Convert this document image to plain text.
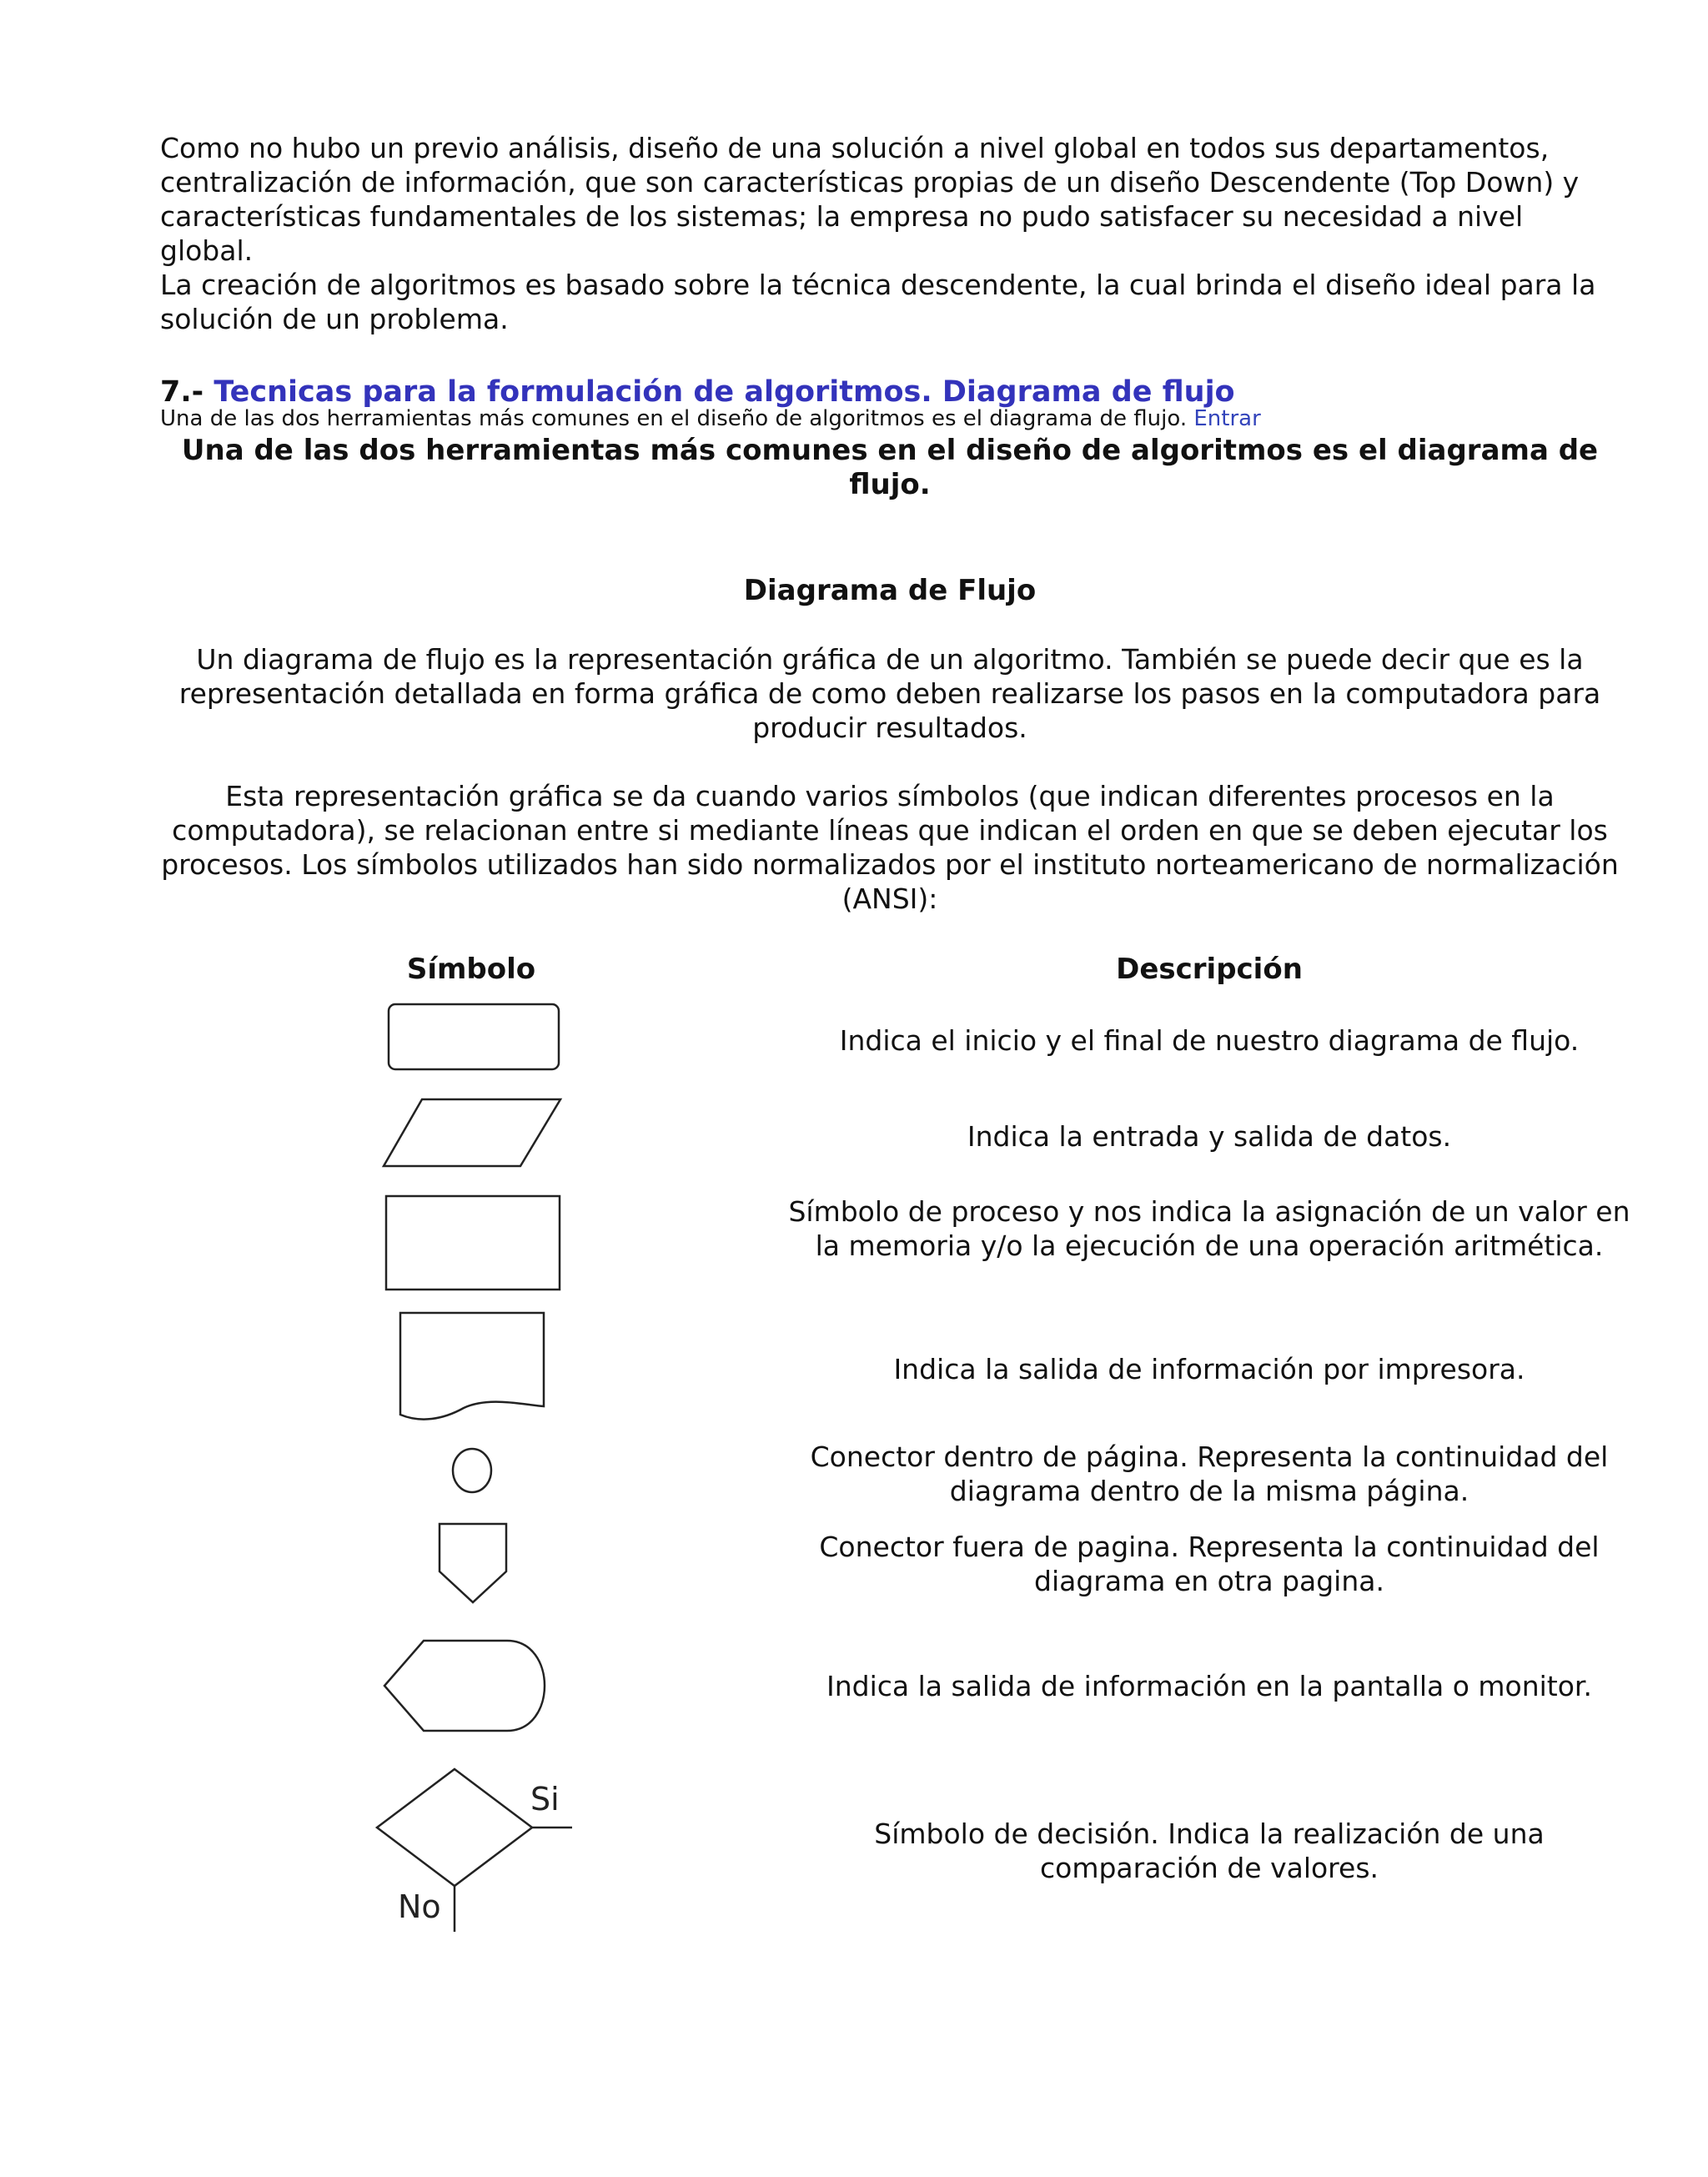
Como no hubo un previo análisis, diseño de una solución a nivel global en todos sus departamentos, centralización de información, que son características propias de un diseño Descendente (Top Down) y características fundamentales de los sistemas; la empresa no pudo satisfacer su necesidad a nivel global.

La creación de algoritmos es basado sobre la técnica descendente, la cual brinda el diseño ideal para la solución de un problema.

7.- Tecnicas para la formulación de algoritmos. Diagrama de flujo
Una de las dos herramientas más comunes en el diseño de algoritmos es el diagrama de flujo. Entrar

Una de las dos herramientas más comunes en el diseño de algoritmos es el diagrama de flujo.

Diagrama de Flujo

Un diagrama de flujo es la representación gráfica de un algoritmo. También se puede decir que es la representación detallada en forma gráfica de como deben realizarse los pasos en la computadora para producir resultados.

Esta representación gráfica se da cuando varios símbolos (que indican diferentes procesos en la computadora), se relacionan entre si mediante líneas que indican el orden en que se deben ejecutar los procesos. Los símbolos utilizados han sido normalizados por el instituto norteamericano de normalización (ANSI):

Símbolo	Descripción

Indica el inicio y el final de nuestro diagrama de flujo.

Indica la entrada y salida de datos.

Símbolo de proceso y nos indica la asignación de un valor en la memoria y/o la ejecución de una operación aritmética.

Indica la salida de información por impresora.

Conector dentro de página. Representa la continuidad del diagrama dentro de la misma página.

Conector fuera de pagina. Representa la continuidad del diagrama en otra pagina.

Indica la salida de información en la pantalla o monitor.

Si
No

Símbolo de decisión. Indica la realización de una comparación de valores.
